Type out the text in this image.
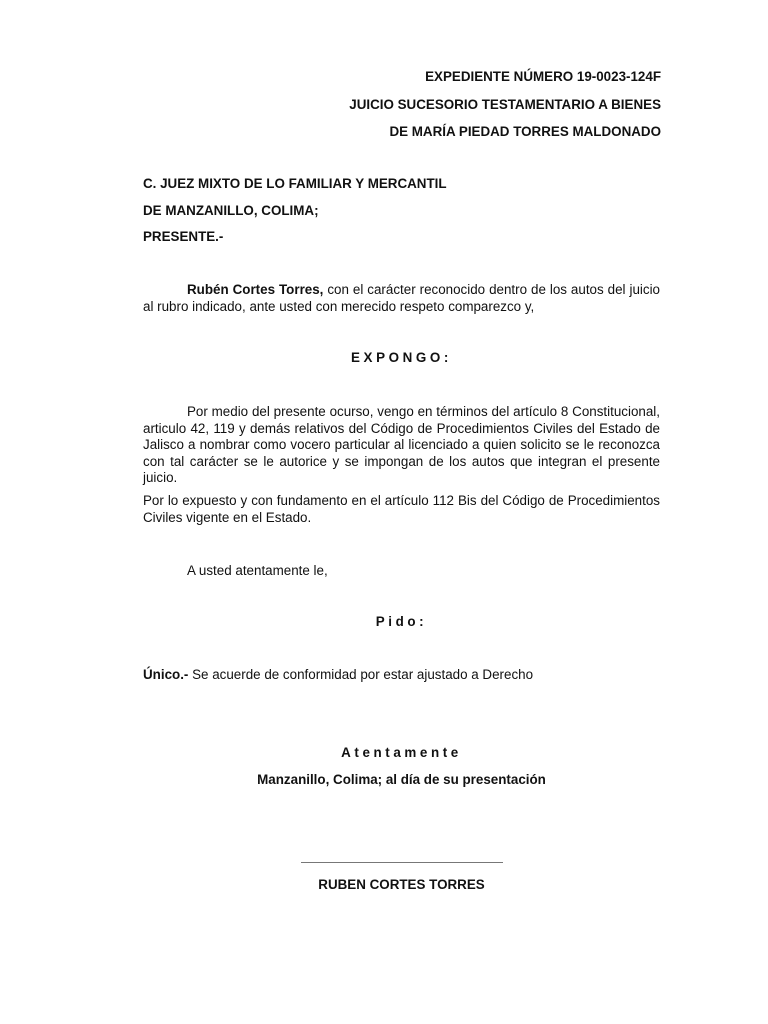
EXPEDIENTE NÚMERO 19-0023-124F
JUICIO SUCESORIO TESTAMENTARIO A BIENES
DE MARÍA PIEDAD TORRES MALDONADO
C. JUEZ MIXTO DE LO FAMILIAR Y MERCANTIL
DE MANZANILLO, COLIMA;
PRESENTE.-
Rubén Cortes Torres, con el carácter reconocido dentro de los autos del juicio al rubro indicado, ante usted con merecido respeto comparezco y,
EXPONGO:
Por medio del presente ocurso, vengo en términos del artículo 8 Constitucional, articulo 42, 119 y demás relativos del Código de Procedimientos Civiles del Estado de Jalisco a nombrar como vocero particular al licenciado a quien solicito se le reconozca con tal carácter se le autorice y se impongan de los autos que integran el presente juicio.
Por lo expuesto y con fundamento en el artículo 112 Bis del Código de Procedimientos Civiles vigente en el Estado.
A usted atentamente le,
Pido:
Único.- Se acuerde de conformidad por estar ajustado a Derecho
Atentamente
Manzanillo, Colima; al día de su presentación
RUBEN CORTES TORRES
